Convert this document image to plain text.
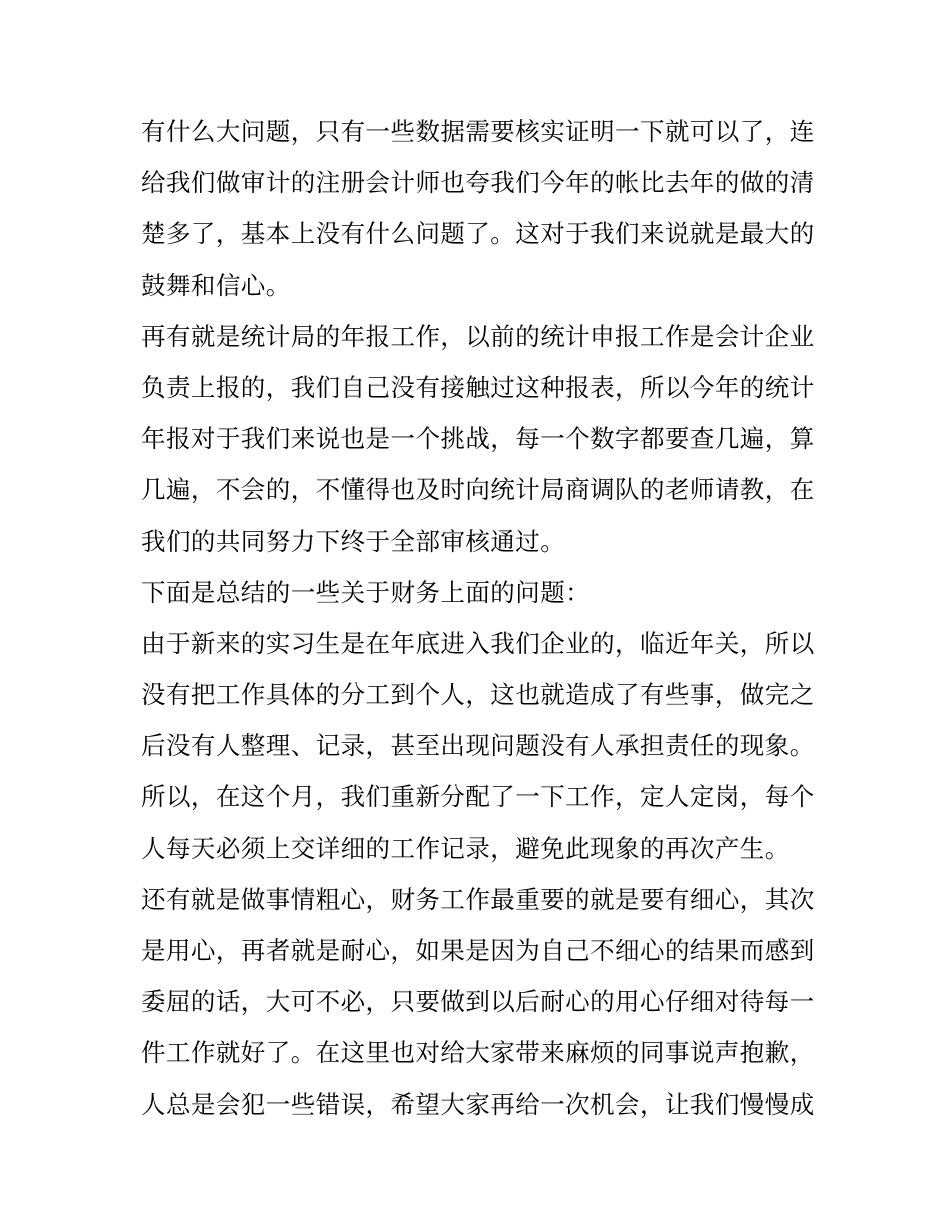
有什么大问题，只有一些数据需要核实证明一下就可以了，连
给我们做审计的注册会计师也夸我们今年的帐比去年的做的清
楚多了，基本上没有什么问题了。这对于我们来说就是最大的
鼓舞和信心。
再有就是统计局的年报工作，以前的统计申报工作是会计企业
负责上报的，我们自己没有接触过这种报表，所以今年的统计
年报对于我们来说也是一个挑战，每一个数字都要查几遍，算
几遍，不会的，不懂得也及时向统计局商调队的老师请教，在
我们的共同努力下终于全部审核通过。
下面是总结的一些关于财务上面的问题：
由于新来的实习生是在年底进入我们企业的，临近年关，所以
没有把工作具体的分工到个人，这也就造成了有些事，做完之
后没有人整理、记录，甚至出现问题没有人承担责任的现象。
所以，在这个月，我们重新分配了一下工作，定人定岗，每个
人每天必须上交详细的工作记录，避免此现象的再次产生。
还有就是做事情粗心，财务工作最重要的就是要有细心，其次
是用心，再者就是耐心，如果是因为自己不细心的结果而感到
委屈的话，大可不必，只要做到以后耐心的用心仔细对待每一
件工作就好了。在这里也对给大家带来麻烦的同事说声抱歉，
人总是会犯一些错误，希望大家再给一次机会，让我们慢慢成
